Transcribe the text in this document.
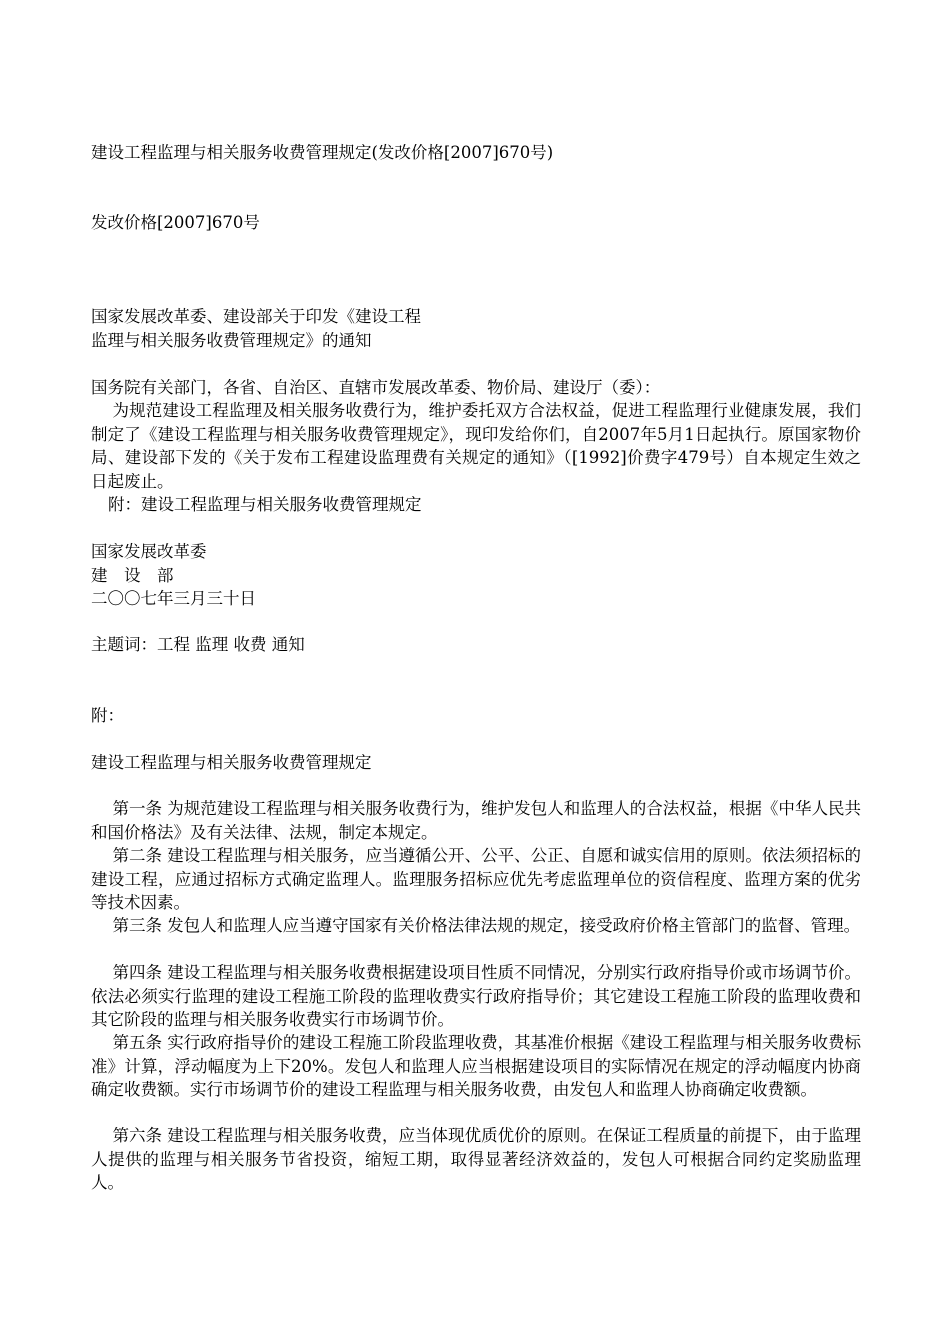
建设工程监理与相关服务收费管理规定(发改价格[2007]670号)
发改价格[2007]670号
国家发展改革委、建设部关于印发《建设工程
监理与相关服务收费管理规定》的通知
国务院有关部门，各省、自治区、直辖市发展改革委、物价局、建设厅（委）：
为规范建设工程监理及相关服务收费行为，维护委托双方合法权益，促进工程监理行业健康发展，我们制定了《建设工程监理与相关服务收费管理规定》，现印发给你们，自2007年5月1日起执行。原国家物价局、建设部下发的《关于发布工程建设监理费有关规定的通知》（[1992]价费字479号）自本规定生效之日起废止。
附：建设工程监理与相关服务收费管理规定
国家发展改革委
建　设　部
二〇〇七年三月三十日
主题词：工程 监理 收费 通知
附：
建设工程监理与相关服务收费管理规定
第一条 为规范建设工程监理与相关服务收费行为，维护发包人和监理人的合法权益，根据《中华人民共和国价格法》及有关法律、法规，制定本规定。
第二条 建设工程监理与相关服务，应当遵循公开、公平、公正、自愿和诚实信用的原则。依法须招标的建设工程，应通过招标方式确定监理人。监理服务招标应优先考虑监理单位的资信程度、监理方案的优劣等技术因素。
第三条 发包人和监理人应当遵守国家有关价格法律法规的规定，接受政府价格主管部门的监督、管理。
第四条 建设工程监理与相关服务收费根据建设项目性质不同情况，分别实行政府指导价或市场调节价。依法必须实行监理的建设工程施工阶段的监理收费实行政府指导价；其它建设工程施工阶段的监理收费和其它阶段的监理与相关服务收费实行市场调节价。
第五条 实行政府指导价的建设工程施工阶段监理收费，其基准价根据《建设工程监理与相关服务收费标准》计算，浮动幅度为上下20%。发包人和监理人应当根据建设项目的实际情况在规定的浮动幅度内协商确定收费额。实行市场调节价的建设工程监理与相关服务收费，由发包人和监理人协商确定收费额。
第六条 建设工程监理与相关服务收费，应当体现优质优价的原则。在保证工程质量的前提下，由于监理人提供的监理与相关服务节省投资，缩短工期，取得显著经济效益的，发包人可根据合同约定奖励监理人。
